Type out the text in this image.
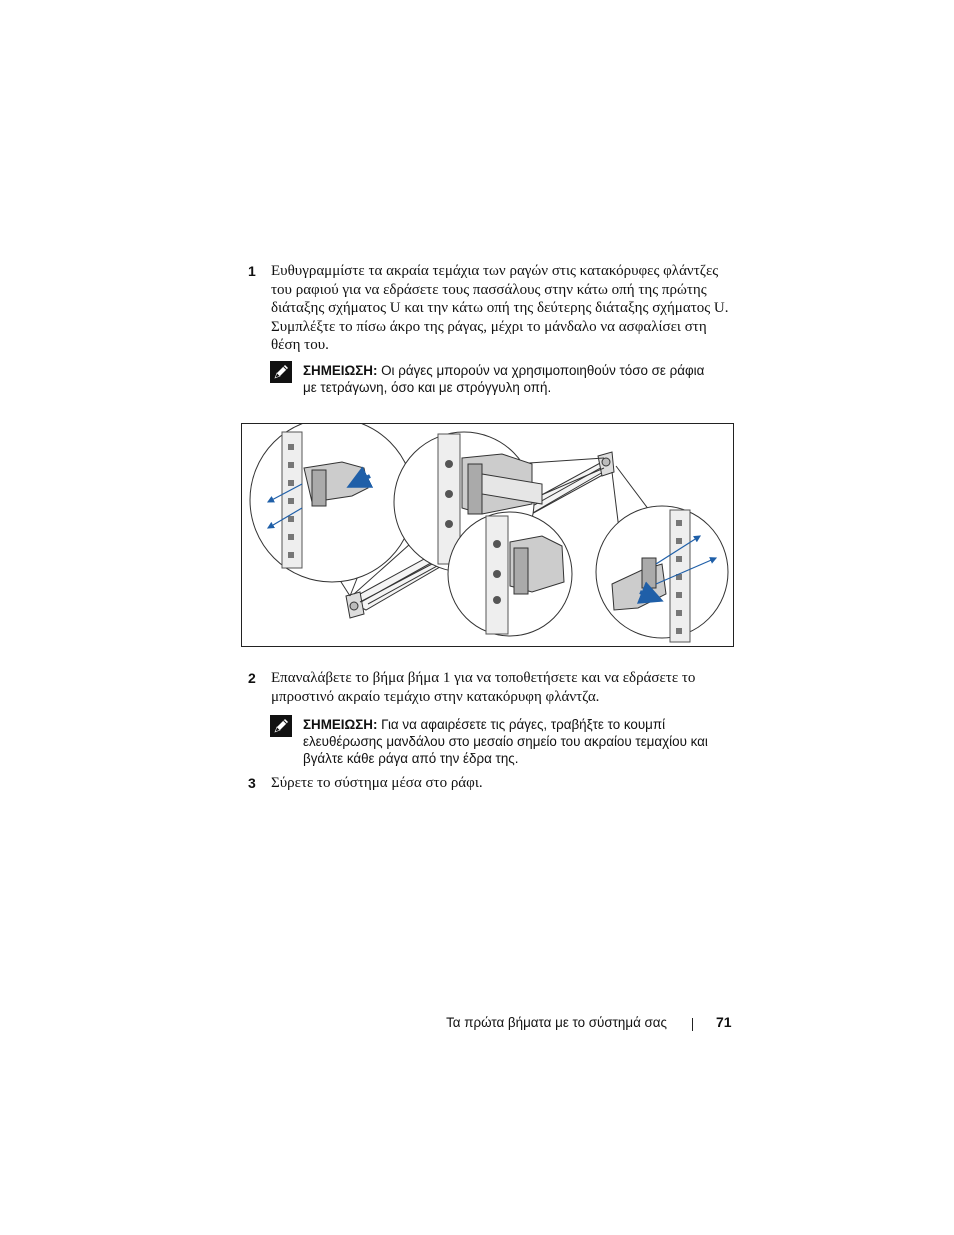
1 Ευθυγραμμίστε τα ακραία τεμάχια των ραγών στις κατακόρυφες φλάντζες
του ραφιού για να εδράσετε τους πασσάλους στην κάτω οπή της πρώτης
διάταξης σχήματος U και την κάτω οπή της δεύτερης διάταξης σχήματος U.
Συμπλέξτε το πίσω άκρο της ράγας, μέχρι το μάνδαλο να ασφαλίσει στη
θέση του.
ΣΗΜΕΙΩΣΗ: Οι ράγες μπορούν να χρησιμοποιηθούν τόσο σε ράφια
με τετράγωνη, όσο και με στρόγγυλη οπή.
2 Επαναλάβετε το βήμα βήμα 1 για να τοποθετήσετε και να εδράσετε το
μπροστινό ακραίο τεμάχιο στην κατακόρυφη φλάντζα.
ΣΗΜΕΙΩΣΗ: Για να αφαιρέσετε τις ράγες, τραβήξτε το κουμπί
ελευθέρωσης μανδάλου στο μεσαίο σημείο του ακραίου τεμαχίου και
βγάλτε κάθε ράγα από την έδρα της.
3 Σύρετε το σύστημα μέσα στο ράφι.
Τα πρώτα βήματα με το σύστημά σας	71
